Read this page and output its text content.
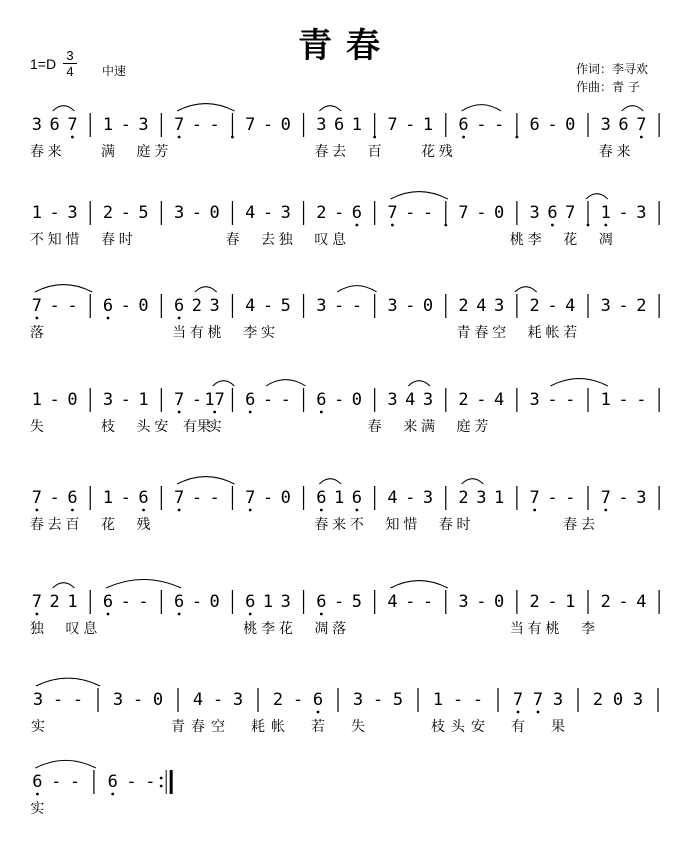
青春
1=D
3
4 中速	作词：李寻欢
作曲：青 子
3 6 7 1 - 3 7 - - 7 - 0 3 6 1 7 - 1 6 - - 6 - 0 3 6 7
春 来	满 庭 芳	春 去 百	花 残	春 来
1 - 3 2 - 5 3 - 0 4 - 3 2 - 6 7 - - 7 - 0 3 6 7 1 - 3
不 知 惜 春 时	春 去 独 叹 息	桃 李 花 凋
7 - - 6 - 0 6 2 3 4 - 5 3 - - 3 - 0 2 4 3 2 - 4 3 - 2
落	当 有 桃 李 实	青 春 空 耗 帐 若
1 - 0 3 - 1 7 - 17 6 - - 6 - 0 3 4 3 2 - 4 3 - - 1 - -
失	枝 头 安 有果
实	春 来 满 庭 芳
7 - 6 1 - 6 7 - - 7 - 0 6 1 6 4 - 3 2 3 1 7 - - 7 - 3
春 去 百 花 残	春 来 不 知 惜 春 时	春 去
7 2 1 6 - - 6 - 0 6 1 3 6 - 5 4 - - 3 - 0 2 - 1 2 - 4
独 叹 息	桃 李 花 凋 落	当 有 桃 李
3 - - 3 - 0 4 - 3 2 - 6 3 - 5 1 - - 7 7 3 2 0 3
实	青 春 空 耗 帐 若 失	枝 头 安 有 果
6 - - 6 - -
实
